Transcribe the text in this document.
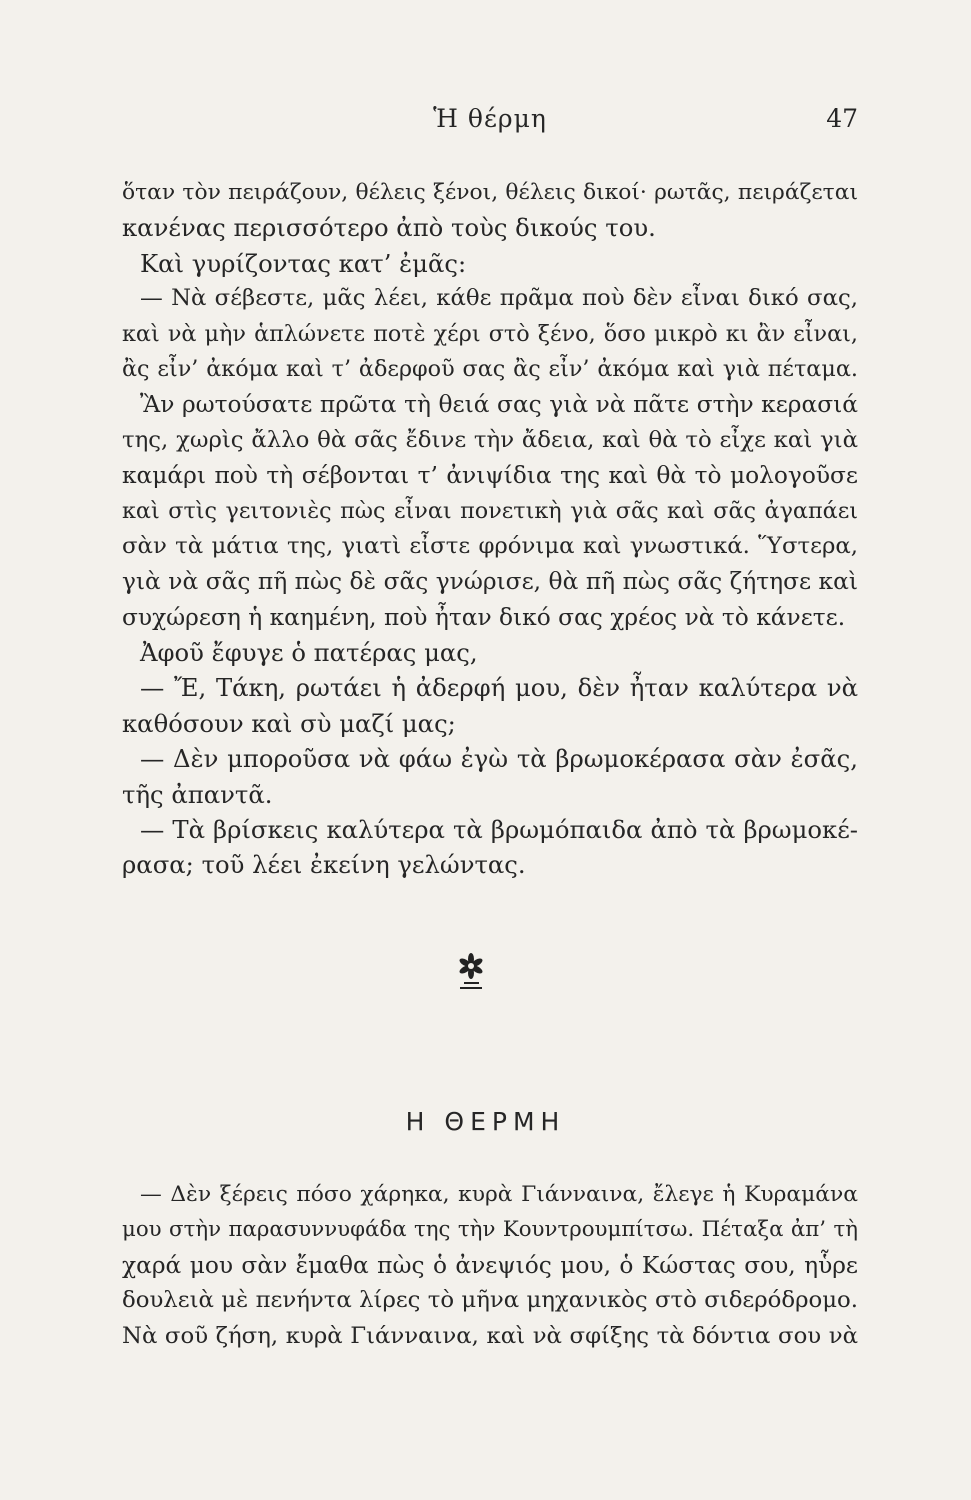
Ἡ θέρμη	47
ὅταν τὸν πειράζουν, θέλεις ξένοι, θέλεις δικοί· ρωτᾶς, πειράζεται
κανένας περισσότερο ἀπὸ τοὺς δικούς του.
Καὶ γυρίζοντας κατ’ ἐμᾶς:
— Νὰ σέβεστε, μᾶς λέει, κάθε πρᾶμα ποὺ δὲν εἶναι δικό σας,
καὶ νὰ μὴν ἁπλώνετε ποτὲ χέρι στὸ ξένο, ὅσο μικρὸ κι ἂν εἶναι,
ἂς εἶν’ ἀκόμα καὶ τ’ ἀδερφοῦ σας ἂς εἶν’ ἀκόμα καὶ γιὰ πέταμα.
Ἂν ρωτούσατε πρῶτα τὴ θειά σας γιὰ νὰ πᾶτε στὴν κερασιά
της, χωρὶς ἄλλο θὰ σᾶς ἔδινε τὴν ἄδεια, καὶ θὰ τὸ εἶχε καὶ γιὰ
καμάρι ποὺ τὴ σέβονται τ’ ἀνιψίδια της καὶ θὰ τὸ μολογοῦσε
καὶ στὶς γειτονιὲς πὼς εἶναι πονετικὴ γιὰ σᾶς καὶ σᾶς ἀγαπάει
σὰν τὰ μάτια της, γιατὶ εἶστε φρόνιμα καὶ γνωστικά. Ὕστερα,
γιὰ νὰ σᾶς πῆ πὼς δὲ σᾶς γνώρισε, θὰ πῆ πὼς σᾶς ζήτησε καὶ
συχώρεση ἡ καημένη, ποὺ ἦταν δικό σας χρέος νὰ τὸ κάνετε.
Ἀφοῦ ἔφυγε ὁ πατέρας μας,
— Ἔ, Τάκη, ρωτάει ἡ ἀδερφή μου, δὲν ἦταν καλύτερα νὰ
καθόσουν καὶ σὺ μαζί μας;
— Δὲν μποροῦσα νὰ φάω ἐγὼ τὰ βρωμοκέρασα σὰν ἐσᾶς,
τῆς ἀπαντᾶ.
— Τὰ βρίσκεις καλύτερα τὰ βρωμόπαιδα ἀπὸ τὰ βρωμοκέ-
ρασα; τοῦ λέει ἐκείνη γελώντας.
Η ΘΕΡΜΗ
— Δὲν ξέρεις πόσο χάρηκα, κυρὰ Γιάνναινα, ἔλεγε ἡ Κυραμάνα
μου στὴν παρασυννυφάδα της τὴν Κουντρουμπίτσω. Πέταξα ἀπ’ τὴ
χαρά μου σὰν ἔμαθα πὼς ὁ ἀνεψιός μου, ὁ Κώστας σου, ηὗρε
δουλειὰ μὲ πενήντα λίρες τὸ μῆνα μηχανικὸς στὸ σιδερόδρομο.
Νὰ σοῦ ζήση, κυρὰ Γιάνναινα, καὶ νὰ σφίξης τὰ δόντια σου νὰ
